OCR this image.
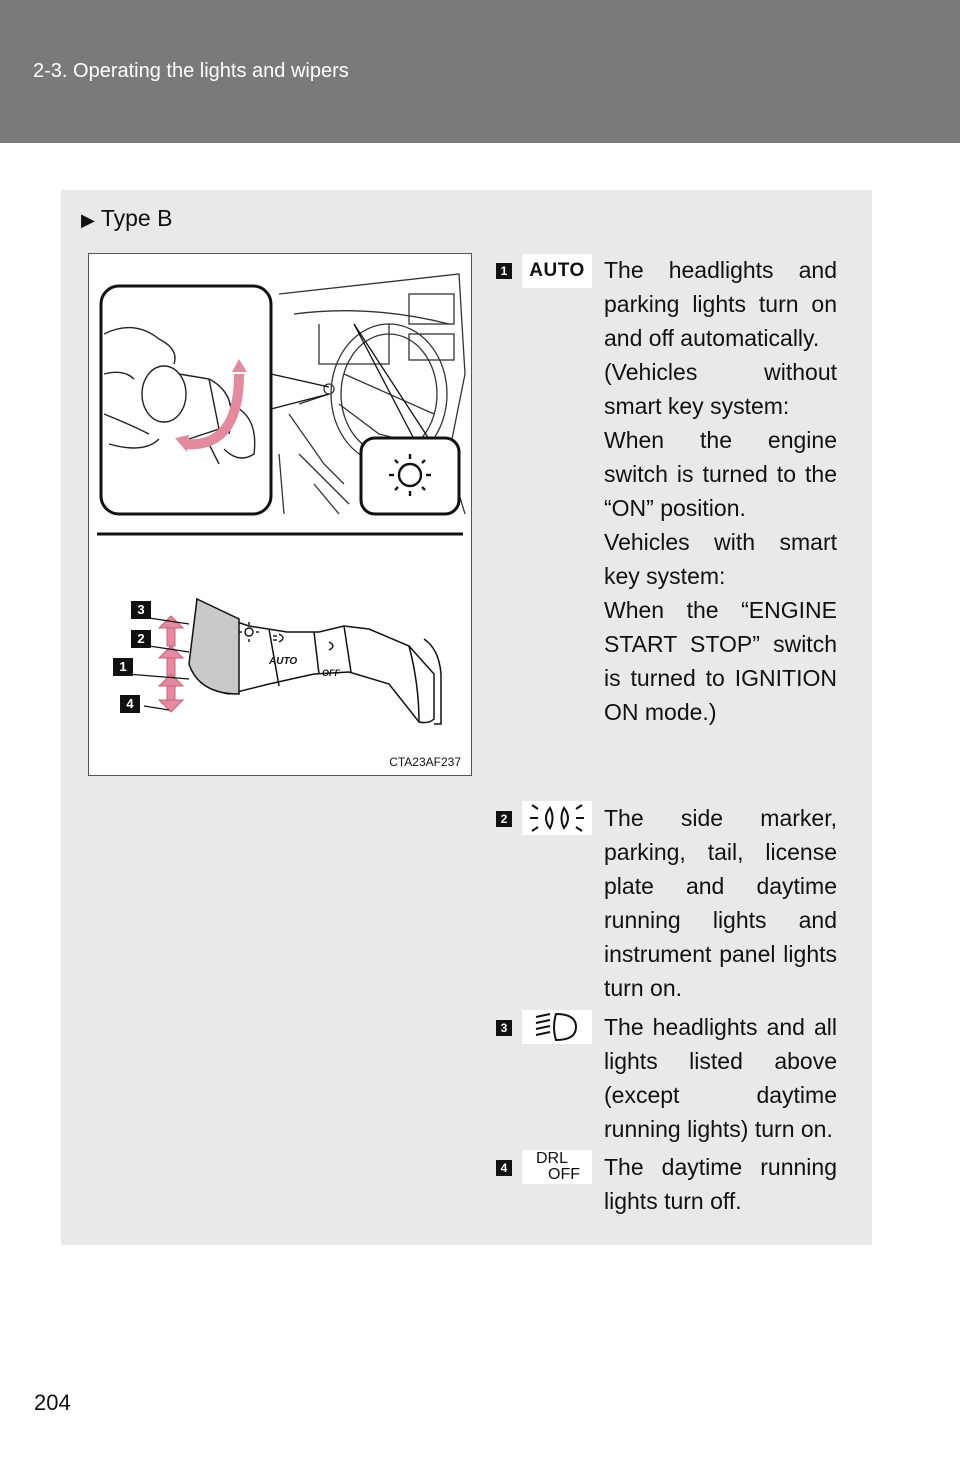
2-3. Operating the lights and wipers
▶ Type B
AUTO
OFF
3
2
1
4
CTA23AF237
1	AUTO The headlights and parking lights turn on and off automatically.
(Vehicles without smart key system:
When the engine switch is turned to the “ON” position.
Vehicles with smart key system:
When the “ENGINE START STOP” switch is turned to IGNITION ON mode.)
2	The side marker, parking, tail, license plate and daytime running lights and instrument panel lights turn on.
3	The headlights and all lights listed above (except daytime running lights) turn on.
4
DRL
OFF The daytime running lights turn off.
204
